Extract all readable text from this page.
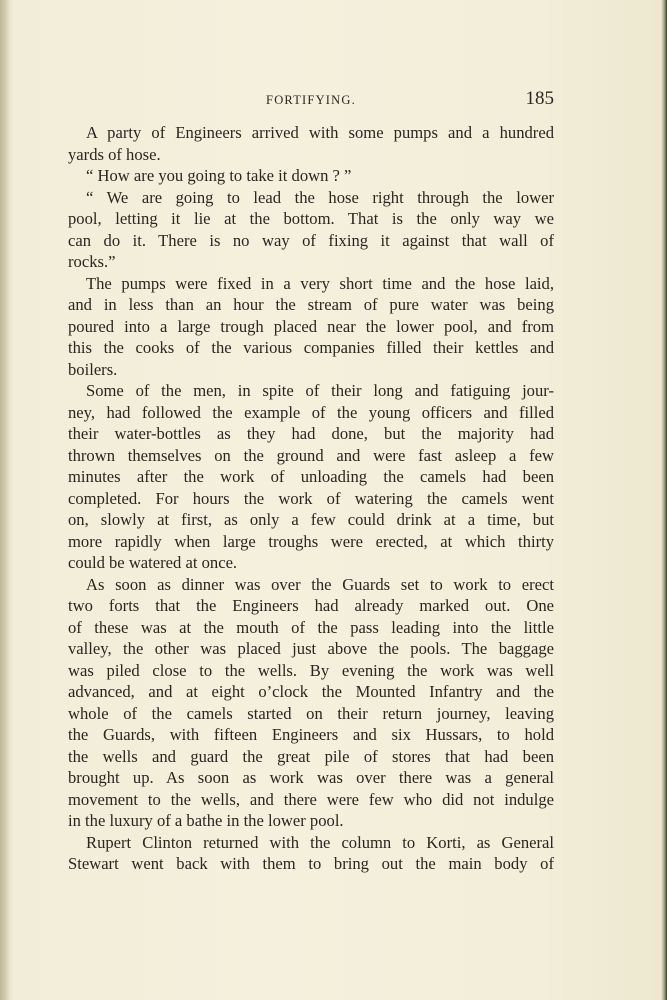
FORTIFYING.	185
A party of Engineers arrived with some pumps and a hundred
yards of hose.
“ How are you going to take it down ? ”
“ We are going to lead the hose right through the lower
pool, letting it lie at the bottom. That is the only way we
can do it. There is no way of fixing it against that wall of
rocks.”
The pumps were fixed in a very short time and the hose laid,
and in less than an hour the stream of pure water was being
poured into a large trough placed near the lower pool, and from
this the cooks of the various companies filled their kettles and
boilers.
Some of the men, in spite of their long and fatiguing jour-
ney, had followed the example of the young officers and filled
their water-bottles as they had done, but the majority had
thrown themselves on the ground and were fast asleep a few
minutes after the work of unloading the camels had been
completed. For hours the work of watering the camels went
on, slowly at first, as only a few could drink at a time, but
more rapidly when large troughs were erected, at which thirty
could be watered at once.
As soon as dinner was over the Guards set to work to erect
two forts that the Engineers had already marked out. One
of these was at the mouth of the pass leading into the little
valley, the other was placed just above the pools. The baggage
was piled close to the wells. By evening the work was well
advanced, and at eight o’clock the Mounted Infantry and the
whole of the camels started on their return journey, leaving
the Guards, with fifteen Engineers and six Hussars, to hold
the wells and guard the great pile of stores that had been
brought up. As soon as work was over there was a general
movement to the wells, and there were few who did not indulge
in the luxury of a bathe in the lower pool.
Rupert Clinton returned with the column to Korti, as General
Stewart went back with them to bring out the main body of
